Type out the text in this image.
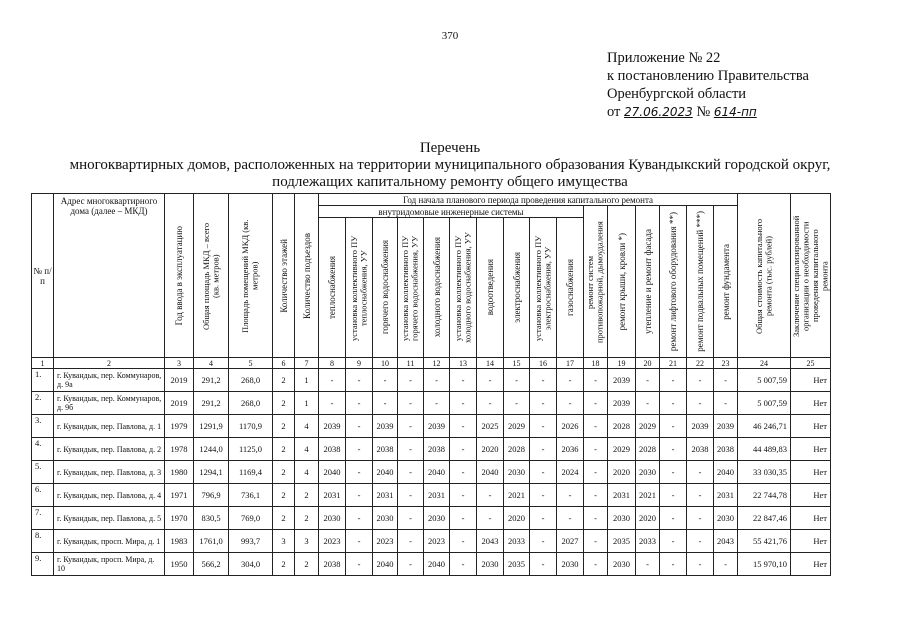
370
Приложение № 22
к постановлению Правительства
Оренбургской области
от 27.06.2023 № 614-пп
Перечень
многоквартирных домов, расположенных на территории муниципального образования Кувандыкский городской округ,
подлежащих капитальному ремонту общего имущества
№ п/п	Адрес многоквартирного дома (далее – МКД)	Год ввода в эксплуатацию	Общая площадь МКД – всего (кв. метров)	Площадь помещений МКД (кв. метров)	Количество этажей	Количество подъездов	Год начала планового периода проведения капитального ремонта																Общая стоимость капитального ремонта (тыс. рублей)	Заключение специализированной организации о необходимости проведения капитального ремонта

							внутридомовые инженерные системы										ремонт систем противопожарной, дымоудаления	ремонт крыши, кровли *)	утепление и ремонт фасада	ремонт лифтового оборудования **)	ремонт подвальных помещений ***)	ремонт фундамента		

							теплоснабжения	установка коллективного ПУ теплоснабжения, УУ	горячего водоснабжения	установка коллективного ПУ горячего водоснабжения, УУ	холодного водоснабжения	установка коллективного ПУ холодного водоснабжения, УУ	водоотведения	электроснабжения	установка коллективного ПУ электроснабжения, УУ	газоснабжения								

1	2	3	4	5	6	7	8	9	10	11	12	13	14	15	16	17	18	19	20	21	22	23	24	25
1.	г. Кувандык, пер. Коммунаров, д. 9а	2019	291,2	268,0	2	1	-	-	-	-	-	-	-	-	-	-	-	2039	-	-	-	-	5 007,59	Нет
2.	г. Кувандык, пер. Коммунаров, д. 9б	2019	291,2	268,0	2	1	-	-	-	-	-	-	-	-	-	-	-	2039	-	-	-	-	5 007,59	Нет
3.	г. Кувандык, пер. Павлова, д. 1	1979	1291,9	1170,9	2	4	2039	-	2039	-	2039	-	2025	2029	-	2026	-	2028	2029	-	2039	2039	46 246,71	Нет
4.	г. Кувандык, пер. Павлова, д. 2	1978	1244,0	1125,0	2	4	2038	-	2038	-	2038	-	2020	2028	-	2036	-	2029	2028	-	2038	2038	44 489,83	Нет
5.	г. Кувандык, пер. Павлова, д. 3	1980	1294,1	1169,4	2	4	2040	-	2040	-	2040	-	2040	2030	-	2024	-	2020	2030	-	-	2040	33 030,35	Нет
6.	г. Кувандык, пер. Павлова, д. 4	1971	796,9	736,1	2	2	2031	-	2031	-	2031	-	-	2021	-	-	-	2031	2021	-	-	2031	22 744,78	Нет
7.	г. Кувандык, пер. Павлова, д. 5	1970	830,5	769,0	2	2	2030	-	2030	-	2030	-	-	2020	-	-	-	2030	2020	-	-	2030	22 847,46	Нет
8.	г. Кувандык, просп. Мира, д. 1	1983	1761,0	993,7	3	3	2023	-	2023	-	2023	-	2043	2033	-	2027	-	2035	2033	-	-	2043	55 421,76	Нет
9.	г. Кувандык, просп. Мира, д. 10	1950	566,2	304,0	2	2	2038	-	2040	-	2040	-	2030	2035	-	2030	-	2030	-	-	-	-	15 970,10	Нет
